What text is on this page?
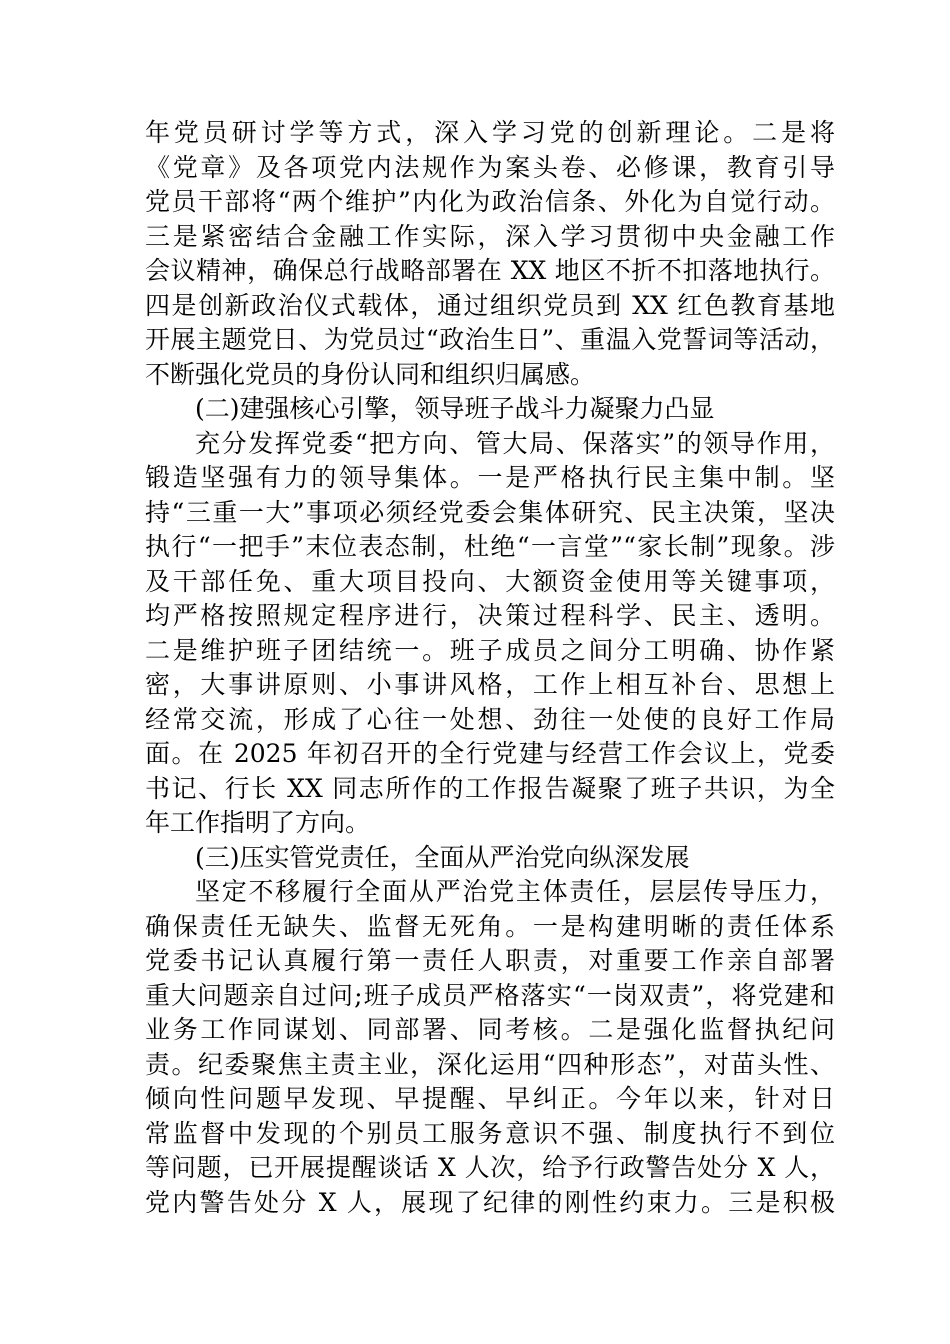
年党员研讨学等方式，深入学习党的创新理论。二是将
《党章》及各项党内法规作为案头卷、必修课，教育引导
党员干部将“两个维护”内化为政治信条、外化为自觉行动。
三是紧密结合金融工作实际，深入学习贯彻中央金融工作
会议精神，确保总行战略部署在 XX 地区不折不扣落地执行。
四是创新政治仪式载体，通过组织党员到 XX 红色教育基地
开展主题党日、为党员过“政治生日”、重温入党誓词等活动，
不断强化党员的身份认同和组织归属感。
(二)建强核心引擎，领导班子战斗力凝聚力凸显
充分发挥党委“把方向、管大局、保落实”的领导作用，
锻造坚强有力的领导集体。一是严格执行民主集中制。坚
持“三重一大”事项必须经党委会集体研究、民主决策，坚决
执行“一把手”末位表态制，杜绝“一言堂”“家长制”现象。涉
及干部任免、重大项目投向、大额资金使用等关键事项，
均严格按照规定程序进行，决策过程科学、民主、透明。
二是维护班子团结统一。班子成员之间分工明确、协作紧
密，大事讲原则、小事讲风格，工作上相互补台、思想上
经常交流，形成了心往一处想、劲往一处使的良好工作局
面。在 2025 年初召开的全行党建与经营工作会议上，党委
书记、行长 XX 同志所作的工作报告凝聚了班子共识，为全
年工作指明了方向。
(三)压实管党责任，全面从严治党向纵深发展
坚定不移履行全面从严治党主体责任，层层传导压力，
确保责任无缺失、监督无死角。一是构建明晰的责任体系
党委书记认真履行第一责任人职责，对重要工作亲自部署
重大问题亲自过问;班子成员严格落实“一岗双责”，将党建和
业务工作同谋划、同部署、同考核。二是强化监督执纪问
责。纪委聚焦主责主业，深化运用“四种形态”，对苗头性、
倾向性问题早发现、早提醒、早纠正。今年以来，针对日
常监督中发现的个别员工服务意识不强、制度执行不到位
等问题，已开展提醒谈话 X 人次，给予行政警告处分 X 人，
党内警告处分 X 人，展现了纪律的刚性约束力。三是积极
